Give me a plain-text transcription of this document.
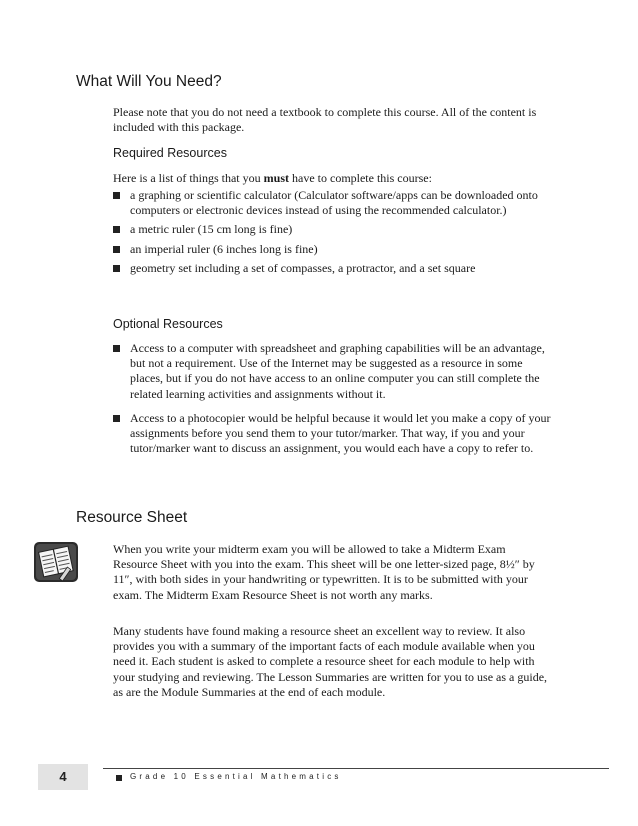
What Will You Need?

Please note that you do not need a textbook to complete this course. All of the content is included with this package.

Required Resources

Here is a list of things that you must have to complete this course:

a graphing or scientific calculator (Calculator software/apps can be downloaded onto computers or electronic devices instead of using the recommended calculator.)
a metric ruler (15 cm long is fine)
an imperial ruler (6 inches long is fine)
geometry set including a set of compasses, a protractor, and a set square
Optional Resources
Access to a computer with spreadsheet and graphing capabilities will be an advantage, but not a requirement. Use of the Internet may be suggested as a resource in some places, but if you do not have access to an online computer you can still complete the related learning activities and assignments without it.
Access to a photocopier would be helpful because it would let you make a copy of your assignments before you send them to your tutor/marker. That way, if you and your tutor/marker want to discuss an assignment, you would each have a copy to refer to.
Resource Sheet

When you write your midterm exam you will be allowed to take a Midterm Exam Resource Sheet with you into the exam. This sheet will be one letter-sized page, 8½″ by 11″, with both sides in your handwriting or typewritten. It is to be submitted with your exam. The Midterm Exam Resource Sheet is not worth any marks.

Many students have found making a resource sheet an excellent way to review. It also provides you with a summary of the important facts of each module available when you need it. Each student is asked to complete a resource sheet for each module to help with your studying and reviewing. The Lesson Summaries are written for you to use as a guide, as are the Module Summaries at the end of each module.

4	Grade 10 Essential Mathematics
